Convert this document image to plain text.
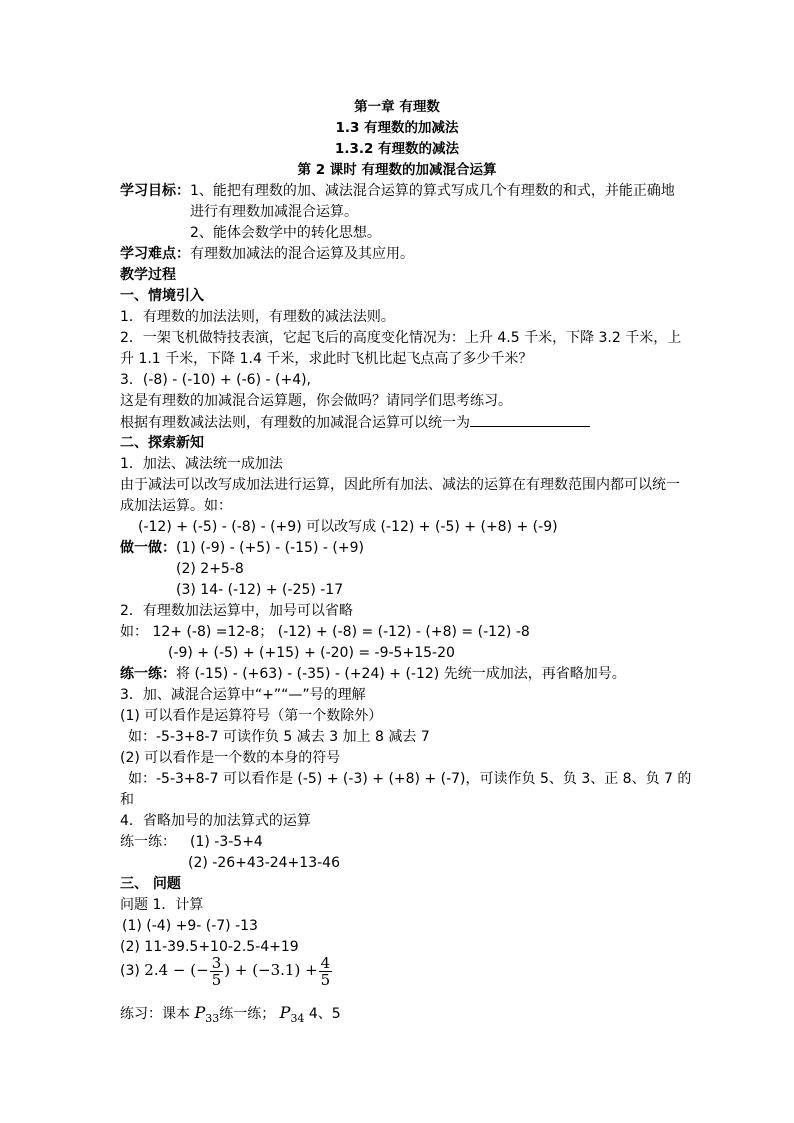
第一章 有理数
1.3 有理数的加减法
1.3.2 有理数的减法
第 2 课时 有理数的加减混合运算
学习目标：1、能把有理数的加、减法混合运算的算式写成几个有理数的和式，并能正确地
进行有理数加减混合运算。
2、能体会数学中的转化思想。
学习难点：有理数加减法的混合运算及其应用。
教学过程
一、情境引入
1．有理数的加法法则，有理数的减法法则。
2．一架飞机做特技表演，它起飞后的高度变化情况为：上升 4.5 千米，下降 3.2 千米，上
升 1.1 千米，下降 1.4 千米，求此时飞机比起飞点高了多少千米？
3．(-8) - (-10) + (-6) - (+4),
这是有理数的加减混合运算题，你会做吗？请同学们思考练习。
根据有理数减法法则，有理数的加减混合运算可以统一为
二、探索新知
1．加法、减法统一成加法
由于减法可以改写成加法进行运算，因此所有加法、减法的运算在有理数范围内都可以统一
成加法运算。如：
(-12) + (-5) - (-8) - (+9) 可以改写成 (-12) + (-5) + (+8) + (-9)
做一做：(1) (-9) - (+5) - (-15) - (+9)
(2) 2+5-8
(3) 14- (-12) + (-25) -17
2．有理数加法运算中，加号可以省略
如： 12+ (-8) =12-8； (-12) + (-8) = (-12) - (+8) = (-12) -8
(-9) + (-5) + (+15) + (-20) = -9-5+15-20
练一练：将 (-15) - (+63) - (-35) - (+24) + (-12) 先统一成加法，再省略加号。
3．加、减混合运算中“+”“—”号的理解
(1) 可以看作是运算符号（第一个数除外）
如：-5-3+8-7 可读作负 5 减去 3 加上 8 减去 7
(2) 可以看作是一个数的本身的符号
如：-5-3+8-7 可以看作是 (-5) + (-3) + (+8) + (-7)，可读作负 5、负 3、正 8、负 7 的
和
4．省略加号的加法算式的运算
练一练： (1) -3-5+4
(2) -26+43-24+13-46
三、 问题
问题 1．计算
(1) (-4) +9- (-7) -13
(2) 11-39.5+10-2.5-4+19
(3) 2.4 − (− $\frac{3}{5}$ ) + $(-3.1) + \frac{4}{5}$
练习：课本 $P_{33}$练一练； $P_{34}$ 4、5
